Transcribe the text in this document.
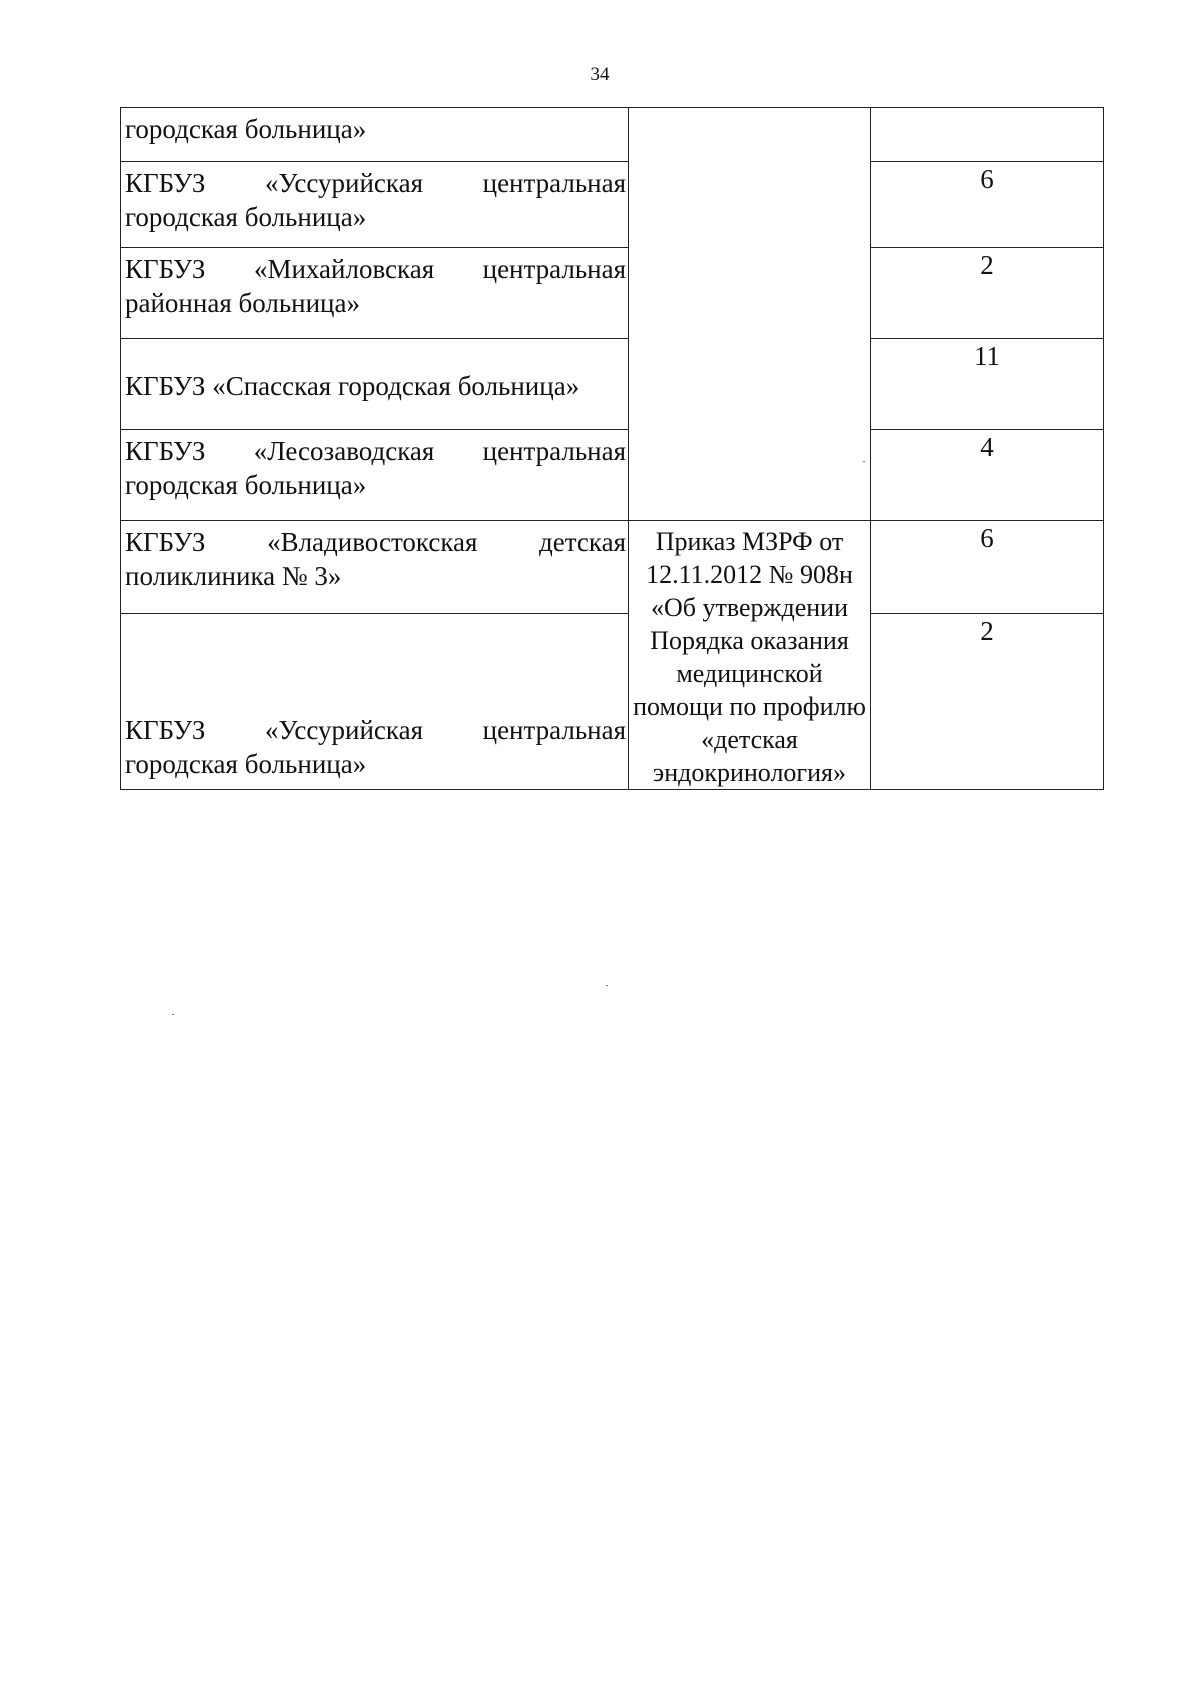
34
городская больница»		

КГБУЗ «Уссурийская центральная
городская больница»		6

КГБУЗ «Михайловская центральная
районная больница»		2

КГБУЗ «Спасская городская больница»		11

КГБУЗ «Лесозаводская центральная
городская больница»		4

КГБУЗ «Владивостокская детская
поликлиника № 3»	Приказ МЗРФ от 12.11.2012 № 908н «Об утверждении Порядка оказания медицинской помощи по профилю «детская эндокринология»	6

КГБУЗ «Уссурийская центральная
городская больница»		2
